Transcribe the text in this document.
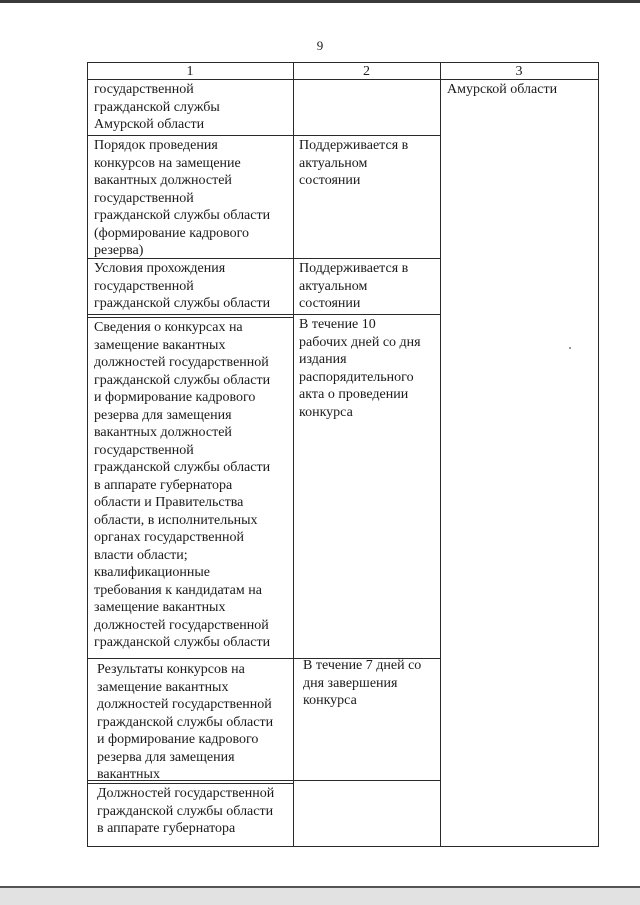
9
1	2	3
Амурской области
государственной
гражданской службы
Амурской области
Порядок проведения
конкурсов на замещение
вакантных должностей
государственной
гражданской службы области
(формирование кадрового
резерва)
Поддерживается в
актуальном
состоянии
Условия прохождения
государственной
гражданской службы области
Поддерживается в
актуальном
состоянии
Сведения о конкурсах на
замещение вакантных
должностей государственной
гражданской службы области
и формирование кадрового
резерва для замещения
вакантных должностей
государственной
гражданской службы области
в аппарате губернатора
области и Правительства
области, в исполнительных
органах государственной
власти области;
квалификационные
требования к кандидатам на
замещение вакантных
должностей государственной
гражданской службы области
В течение 10
рабочих дней со дня
издания
распорядительного
акта о проведении
конкурса
Результаты конкурсов на
замещение вакантных
должностей государственной
гражданской службы области
и формирование кадрового
резерва для замещения
вакантных
В течение 7 дней со
дня завершения
конкурса
Должностей государственной
гражданской службы области
в аппарате губернатора
